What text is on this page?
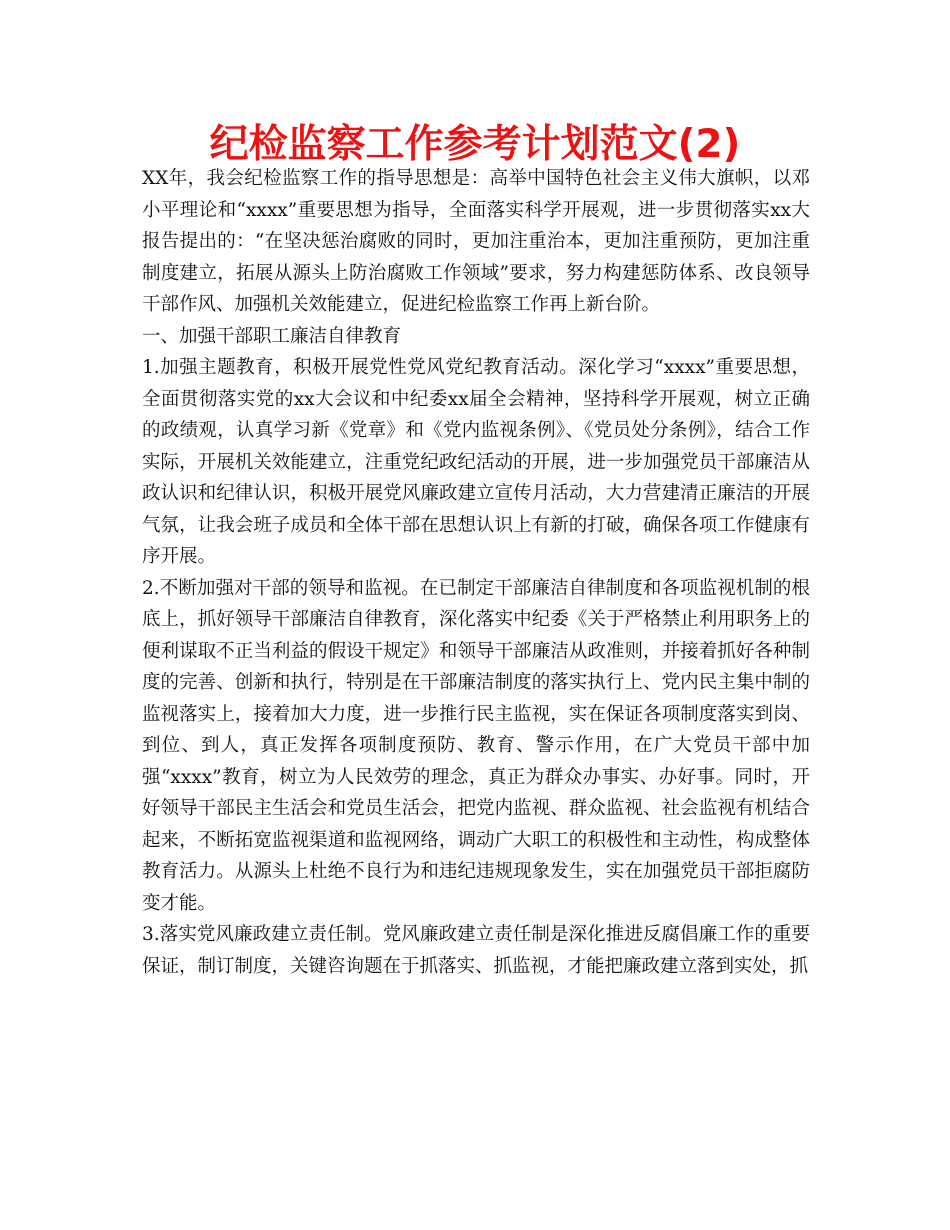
纪检监察工作参考计划范文(2)

XX年，我会纪检监察工作的指导思想是：高举中国特色社会主义伟大旗帜，以邓小平理论和“xxxx”重要思想为指导，全面落实科学开展观，进一步贯彻落实xx大报告提出的：“在坚决惩治腐败的同时，更加注重治本，更加注重预防，更加注重制度建立，拓展从源头上防治腐败工作领域”要求，努力构建惩防体系、改良领导干部作风、加强机关效能建立，促进纪检监察工作再上新台阶。

一、加强干部职工廉洁自律教育

1.加强主题教育，积极开展党性党风党纪教育活动。深化学习“xxxx”重要思想，全面贯彻落实党的xx大会议和中纪委xx届全会精神，坚持科学开展观，树立正确的政绩观，认真学习新《党章》和《党内监视条例》、《党员处分条例》，结合工作实际，开展机关效能建立，注重党纪政纪活动的开展，进一步加强党员干部廉洁从政认识和纪律认识，积极开展党风廉政建立宣传月活动，大力营建清正廉洁的开展气氛，让我会班子成员和全体干部在思想认识上有新的打破，确保各项工作健康有序开展。

2.不断加强对干部的领导和监视。在已制定干部廉洁自律制度和各项监视机制的根底上，抓好领导干部廉洁自律教育，深化落实中纪委《关于严格禁止利用职务上的便利谋取不正当利益的假设干规定》和领导干部廉洁从政准则，并接着抓好各种制度的完善、创新和执行，特别是在干部廉洁制度的落实执行上、党内民主集中制的监视落实上，接着加大力度，进一步推行民主监视，实在保证各项制度落实到岗、到位、到人，真正发挥各项制度预防、教育、警示作用，在广大党员干部中加强“xxxx”教育，树立为人民效劳的理念，真正为群众办事实、办好事。同时，开好领导干部民主生活会和党员生活会，把党内监视、群众监视、社会监视有机结合起来，不断拓宽监视渠道和监视网络，调动广大职工的积极性和主动性，构成整体教育活力。从源头上杜绝不良行为和违纪违规现象发生，实在加强党员干部拒腐防变才能。

3.落实党风廉政建立责任制。党风廉政建立责任制是深化推进反腐倡廉工作的重要保证，制订制度，关键咨询题在于抓落实、抓监视，才能把廉政建立落到实处，抓
